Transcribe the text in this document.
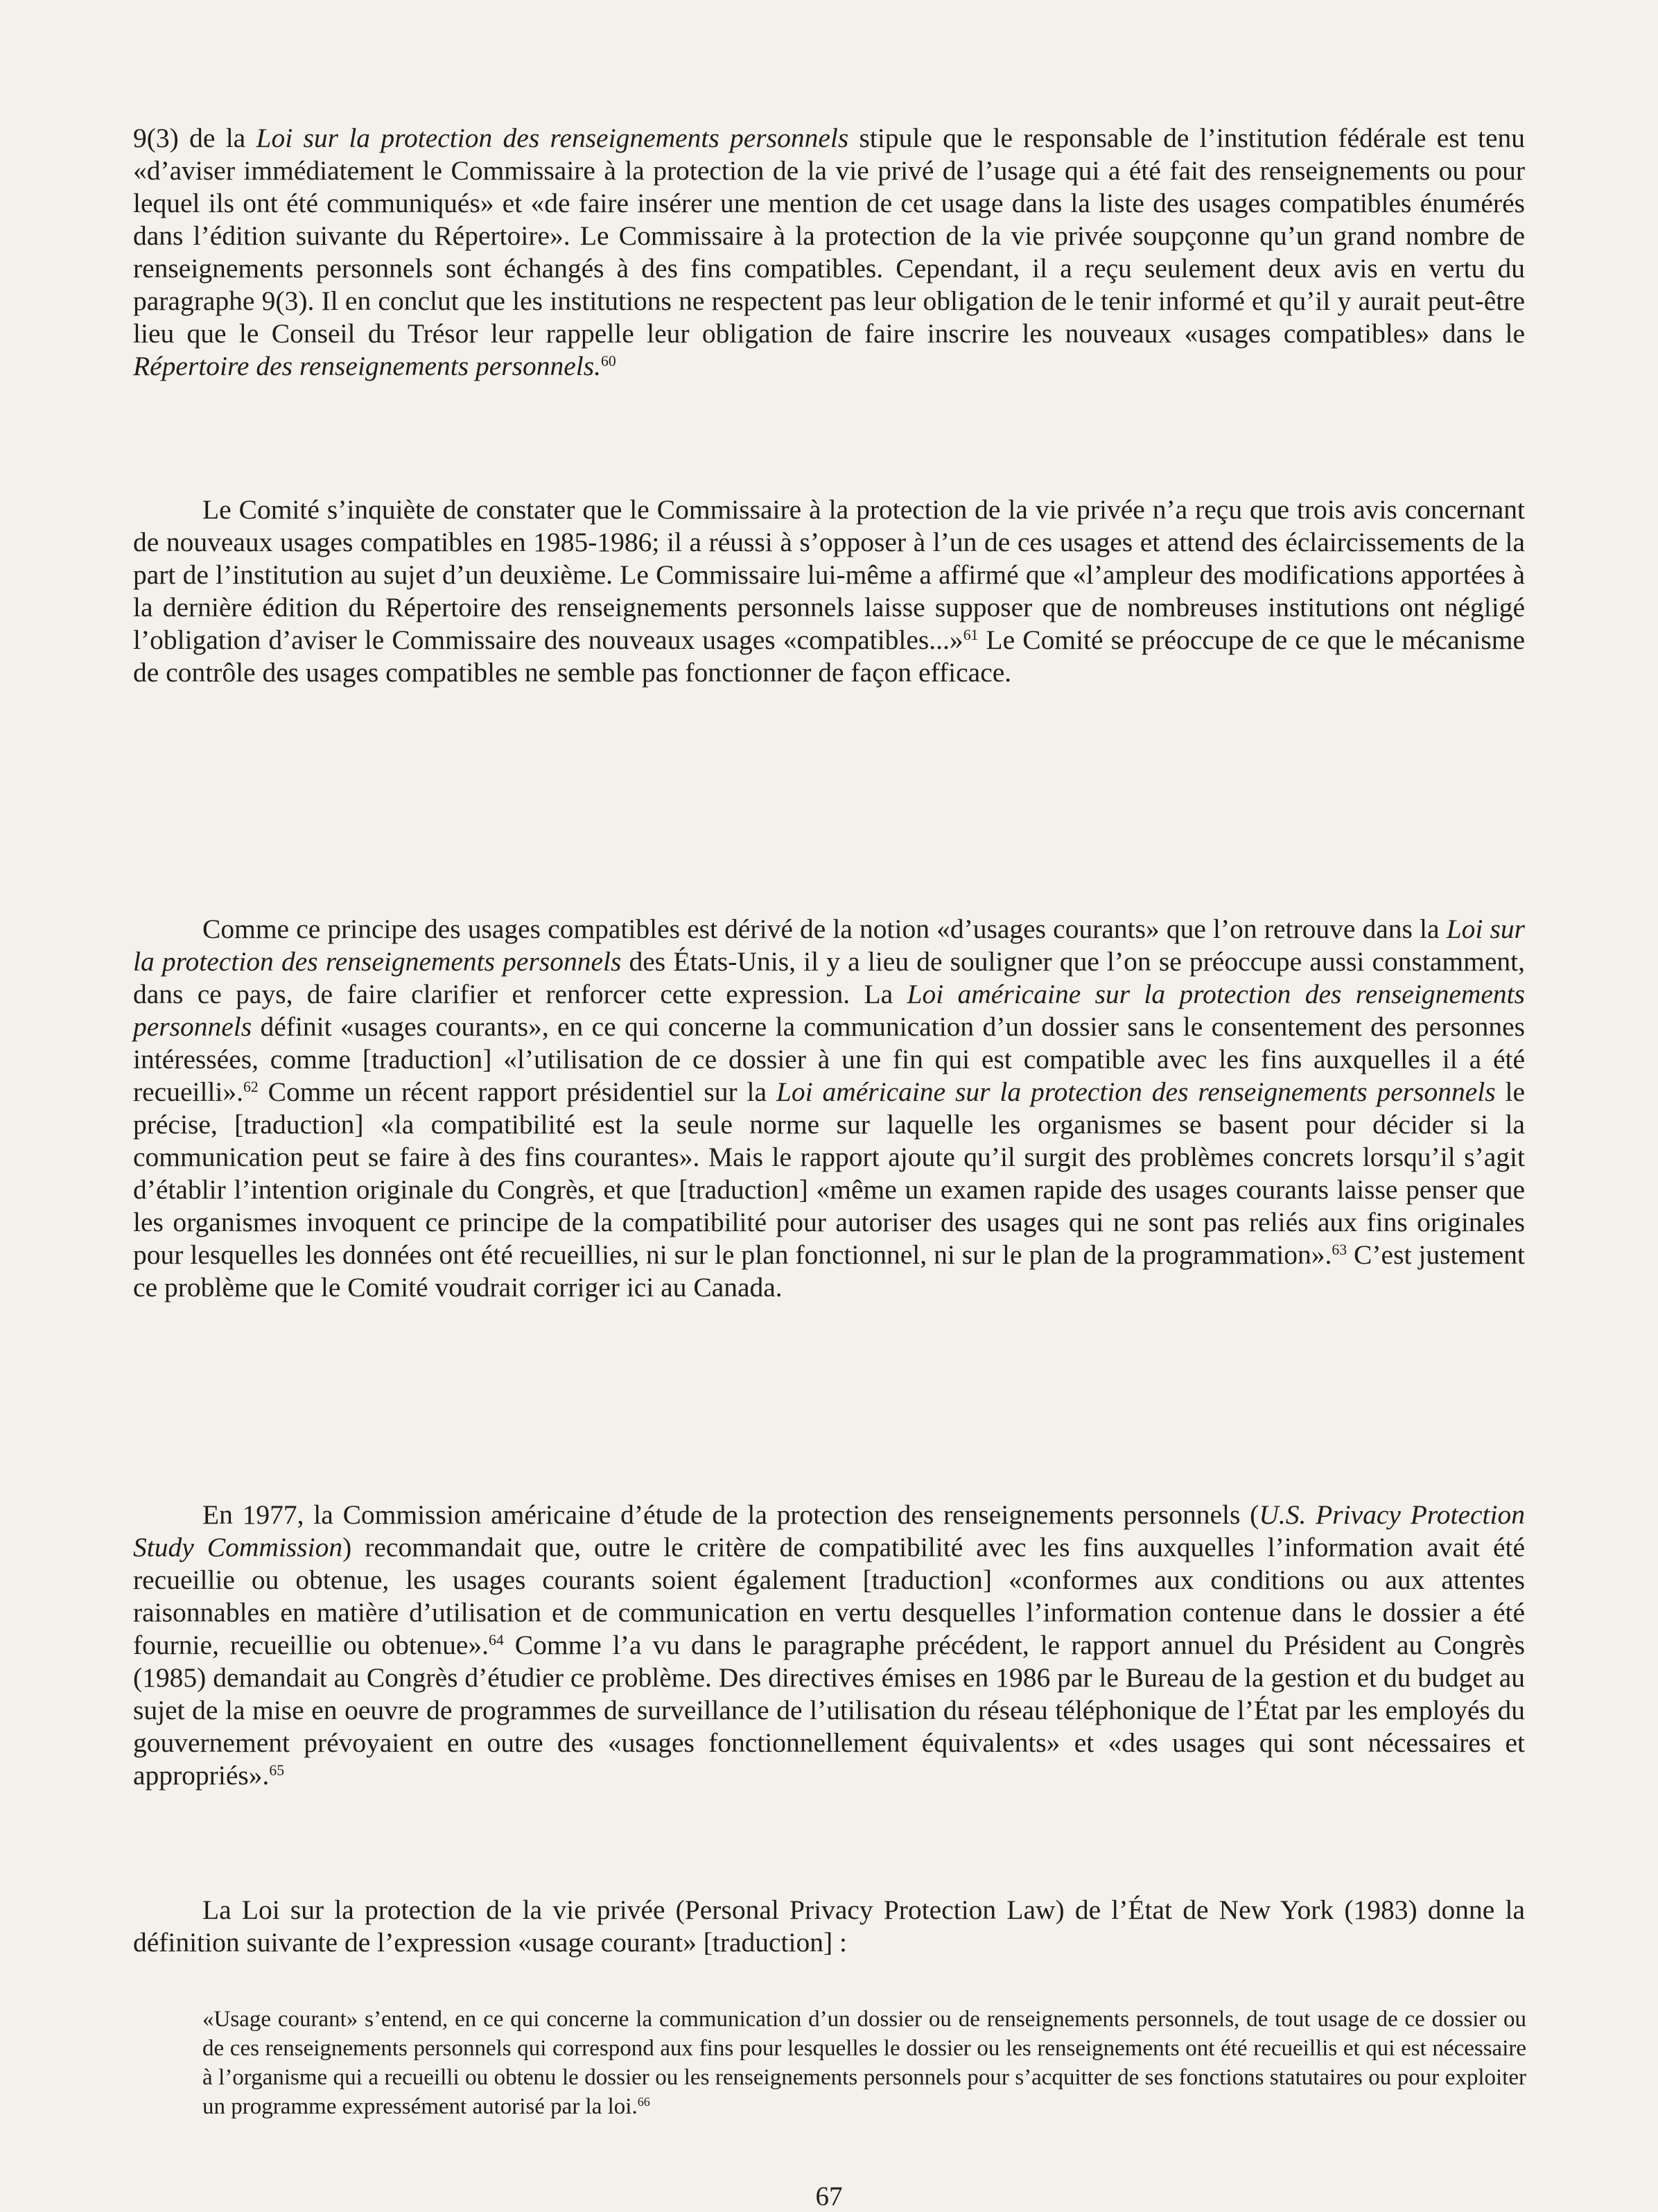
9(3) de la Loi sur la protection des renseignements personnels stipule que le responsable de l’institution fédérale est tenu «d’aviser immédiatement le Commissaire à la protection de la vie privé de l’usage qui a été fait des renseignements ou pour lequel ils ont été communiqués» et «de faire insérer une mention de cet usage dans la liste des usages compatibles énumérés dans l’édition suivante du Répertoire». Le Commissaire à la protection de la vie privée soupçonne qu’un grand nombre de renseignements personnels sont échangés à des fins compatibles. Cependant, il a reçu seulement deux avis en vertu du paragraphe 9(3). Il en conclut que les institutions ne respectent pas leur obligation de le tenir informé et qu’il y aurait peut-être lieu que le Conseil du Trésor leur rappelle leur obligation de faire inscrire les nouveaux «usages compatibles» dans le Répertoire des renseignements personnels.$^{60}$

Le Comité s’inquiète de constater que le Commissaire à la protection de la vie privée n’a reçu que trois avis concernant de nouveaux usages compatibles en 1985-1986; il a réussi à s’opposer à l’un de ces usages et attend des éclaircissements de la part de l’institution au sujet d’un deuxième. Le Commissaire lui-même a affirmé que «l’ampleur des modifications apportées à la dernière édition du Répertoire des renseignements personnels laisse supposer que de nombreuses institutions ont négligé l’obligation d’aviser le Commissaire des nouveaux usages «compatibles...»$^{61}$ Le Comité se préoccupe de ce que le mécanisme de contrôle des usages compatibles ne semble pas fonctionner de façon efficace.

Comme ce principe des usages compatibles est dérivé de la notion «d’usages courants» que l’on retrouve dans la Loi sur la protection des renseignements personnels des États-Unis, il y a lieu de souligner que l’on se préoccupe aussi constamment, dans ce pays, de faire clarifier et renforcer cette expression. La Loi américaine sur la protection des renseignements personnels définit «usages courants», en ce qui concerne la communication d’un dossier sans le consentement des personnes intéressées, comme [traduction] «l’utilisation de ce dossier à une fin qui est compatible avec les fins auxquelles il a été recueilli».$^{62}$ Comme un récent rapport présidentiel sur la Loi américaine sur la protection des renseignements personnels le précise, [traduction] «la compatibilité est la seule norme sur laquelle les organismes se basent pour décider si la communication peut se faire à des fins courantes». Mais le rapport ajoute qu’il surgit des problèmes concrets lorsqu’il s’agit d’établir l’intention originale du Congrès, et que [traduction] «même un examen rapide des usages courants laisse penser que les organismes invoquent ce principe de la compatibilité pour autoriser des usages qui ne sont pas reliés aux fins originales pour lesquelles les données ont été recueillies, ni sur le plan fonctionnel, ni sur le plan de la programmation».$^{63}$ C’est justement ce problème que le Comité voudrait corriger ici au Canada.

En 1977, la Commission américaine d’étude de la protection des renseignements personnels (U.S. Privacy Protection Study Commission) recommandait que, outre le critère de compatibilité avec les fins auxquelles l’information avait été recueillie ou obtenue, les usages courants soient également [traduction] «conformes aux conditions ou aux attentes raisonnables en matière d’utilisation et de communication en vertu desquelles l’information contenue dans le dossier a été fournie, recueillie ou obtenue».$^{64}$ Comme l’a vu dans le paragraphe précédent, le rapport annuel du Président au Congrès (1985) demandait au Congrès d’étudier ce problème. Des directives émises en 1986 par le Bureau de la gestion et du budget au sujet de la mise en oeuvre de programmes de surveillance de l’utilisation du réseau téléphonique de l’État par les employés du gouvernement prévoyaient en outre des «usages fonctionnellement équivalents» et «des usages qui sont nécessaires et appropriés».$^{65}$

La Loi sur la protection de la vie privée (Personal Privacy Protection Law) de l’État de New York (1983) donne la définition suivante de l’expression «usage courant» [traduction] :

«Usage courant» s’entend, en ce qui concerne la communication d’un dossier ou de renseignements personnels, de tout usage de ce dossier ou de ces renseignements personnels qui correspond aux fins pour lesquelles le dossier ou les renseignements ont été recueillis et qui est nécessaire à l’organisme qui a recueilli ou obtenu le dossier ou les renseignements personnels pour s’acquitter de ses fonctions statutaires ou pour exploiter un programme expressément autorisé par la loi.$^{66}$

67
